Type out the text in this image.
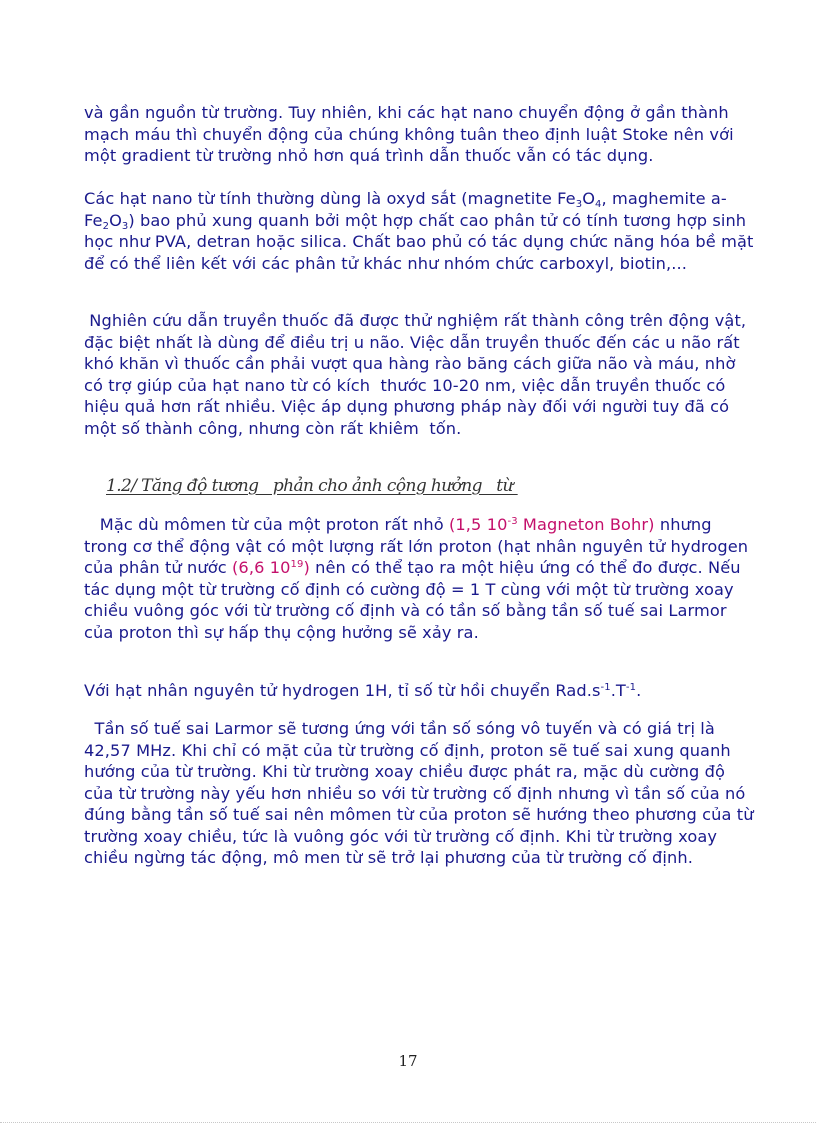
và gần nguồn từ trường. Tuy nhiên, khi các hạt nano chuyển động ở gần thành mạch máu thì chuyển động của chúng không tuân theo định luật Stoke nên với một gradient từ trường nhỏ hơn quá trình dẫn thuốc vẫn có tác dụng.

Các hạt nano từ tính thường dùng là oxyd sắt (magnetite $Fe_3O_4$, maghemite $a-Fe_2O_3$) bao phủ xung quanh bởi một hợp chất cao phân tử có tính tương hợp sinh học như PVA, detran hoặc silica. Chất bao phủ có tác dụng chức năng hóa bề mặt để có thể liên kết với các phân tử khác như nhóm chức carboxyl, biotin,...

Nghiên cứu dẫn truyền thuốc đã được thử nghiệm rất thành công trên động vật, đặc biệt nhất là dùng để điều trị u não. Việc dẫn truyền thuốc đến các u não rất khó khăn vì thuốc cần phải vượt qua hàng rào băng cách giữa não và máu, nhờ có trợ giúp của hạt nano từ có kích  thước 10-20 nm, việc dẫn truyền thuốc có hiệu quả hơn rất nhiều. Việc áp dụng phương pháp này đối với người tuy đã có một số thành công, nhưng còn rất khiêm  tốn.

1.2/ Tăng độ tương   phản cho ảnh cộng hưởng   từ

Mặc dù mômen từ của một proton rất nhỏ (1,5 $10^{-3}$ Magneton Bohr) nhưng trong cơ thể động vật có một lượng rất lớn proton (hạt nhân nguyên tử hydrogen của phân tử nước (6,6 $10^{19}$) nên có thể tạo ra một hiệu ứng có thể đo được. Nếu tác dụng một từ trường cố định có cường độ = 1 T cùng với một từ trường xoay chiều vuông góc với từ trường cố định và có tần số bằng tần số tuế sai Larmor của proton thì sự hấp thụ cộng hưởng sẽ xảy ra.

Với hạt nhân nguyên tử hydrogen 1H, tỉ số từ hồi chuyển $Rad.s^{-1}.T^{-1}$.

Tần số tuế sai Larmor sẽ tương ứng với tần số sóng vô tuyến và có giá trị là 42,57 MHz. Khi chỉ có mặt của từ trường cố định, proton sẽ tuế sai xung quanh hướng của từ trường. Khi từ trường xoay chiều được phát ra, mặc dù cường độ của từ trường này yếu hơn nhiều so với từ trường cố định nhưng vì tần số của nó đúng bằng tần số tuế sai nên mômen từ của proton sẽ hướng theo phương của từ trường xoay chiều, tức là vuông góc với từ trường cố định. Khi từ trường xoay chiều ngừng tác động, mô men từ sẽ trở lại phương của từ trường cố định.

17
